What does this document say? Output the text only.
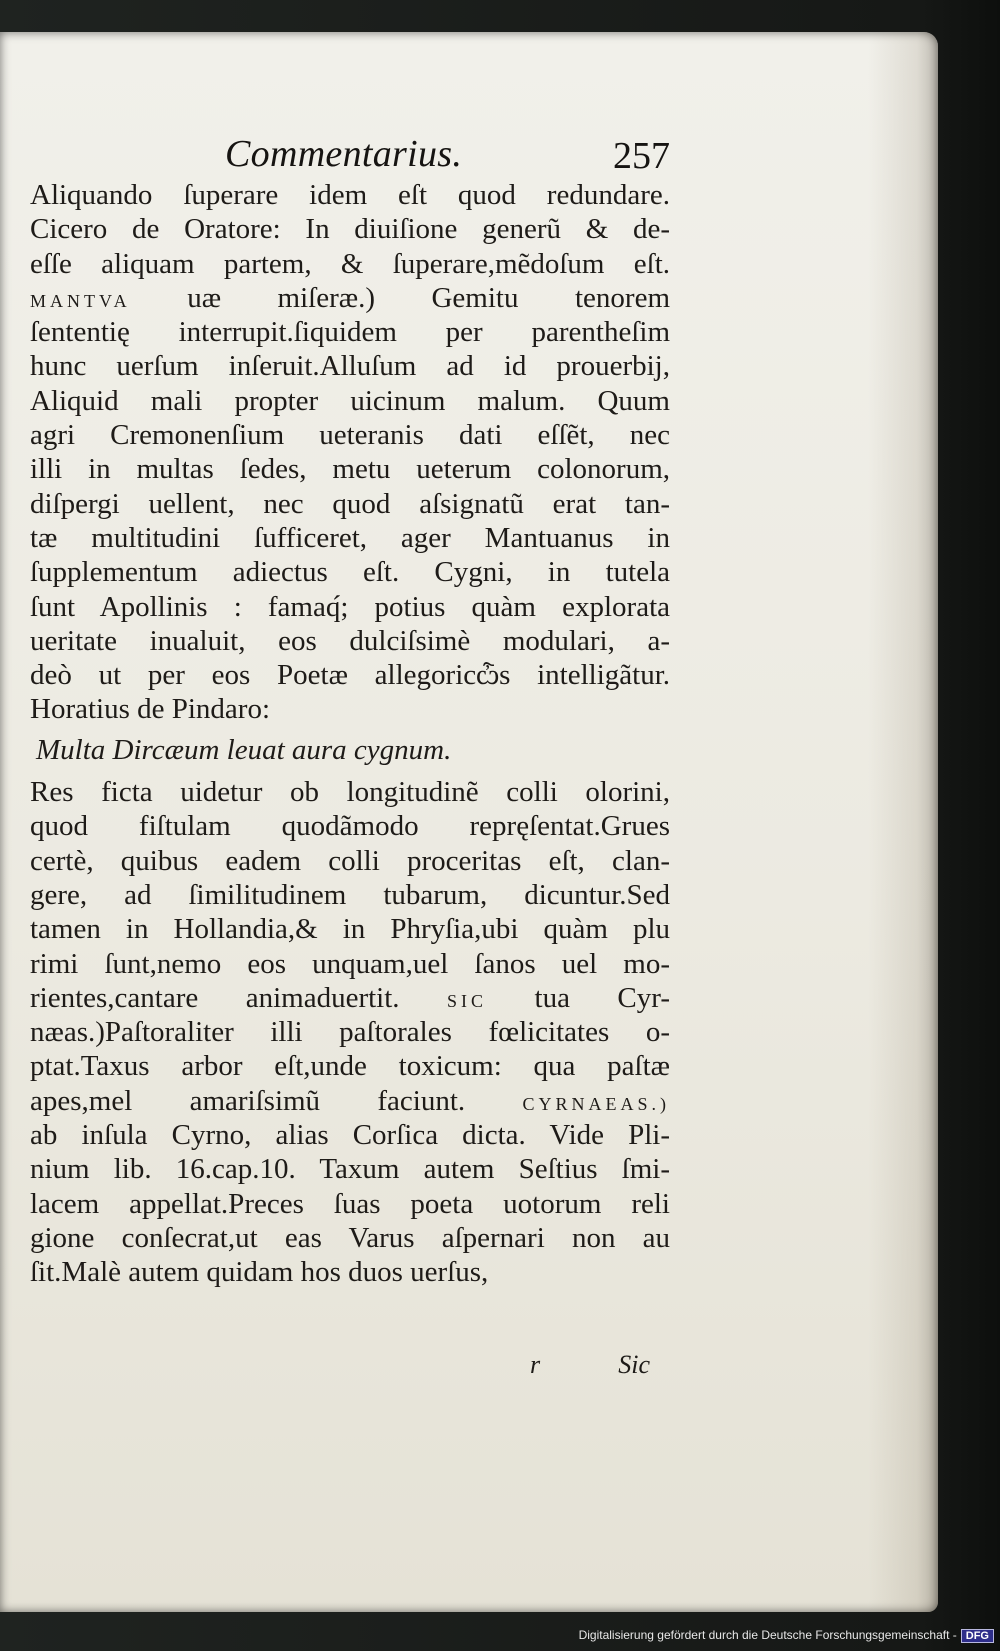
Commentarius.	257
Aliquando ſuperare idem eſt quod redundare.
Cicero de Oratore: In diuiſione generũ & de-
eſſe aliquam partem, & ſuperare,mẽdoſum eſt.
MANTVA uæ miſeræ.) Gemitu tenorem
ſententię interrupit.ſiquidem per parentheſim
hunc uerſum inſeruit.Alluſum ad id prouerbij,
Aliquid mali propter uicinum malum. Quum
agri Cremonenſium ueteranis dati eſſẽt, nec
illi in multas ſedes, metu ueterum colonorum,
diſpergi uellent, nec quod aſsignatũ erat tan-
tæ multitudini ſufficeret, ager Mantuanus in
ſupplementum adiectus eſt. Cygni, in tutela
ſunt Apollinis : famaq́; potius quàm explorata
ueritate inualuit, eos dulciſsimè modulari, a-
deò ut per eos Poetæ allegoricѽs intelligãtur.
Horatius de Pindaro:
Multa Dircæum leuat aura cygnum.
Res ficta uidetur ob longitudinẽ colli olorini,
quod fiſtulam quodãmodo repręſentat.Grues
certè, quibus eadem colli proceritas eſt, clan-
gere, ad ſimilitudinem tubarum, dicuntur.Sed
tamen in Hollandia,& in Phryſia,ubi quàm plu
rimi ſunt,nemo eos unquam,uel ſanos uel mo-
rientes,cantare animaduertit. SIC tua Cyr-
næas.)Paſtoraliter illi paſtorales fœlicitates o-
ptat.Taxus arbor eſt,unde toxicum: qua paſtæ
apes,mel amariſsimũ faciunt. CYRNAEAS.)
ab inſula Cyrno, alias Corſica dicta. Vide Pli-
nium lib. 16.cap.10. Taxum autem Seſtius ſmi-
lacem appellat.Preces ſuas poeta uotorum reli
gione conſecrat,ut eas Varus aſpernari non au
ſit.Malè autem quidam hos duos uerſus,
r	Sic
Digitalisierung gefördert durch die Deutsche Forschungsgemeinschaft - DFG
